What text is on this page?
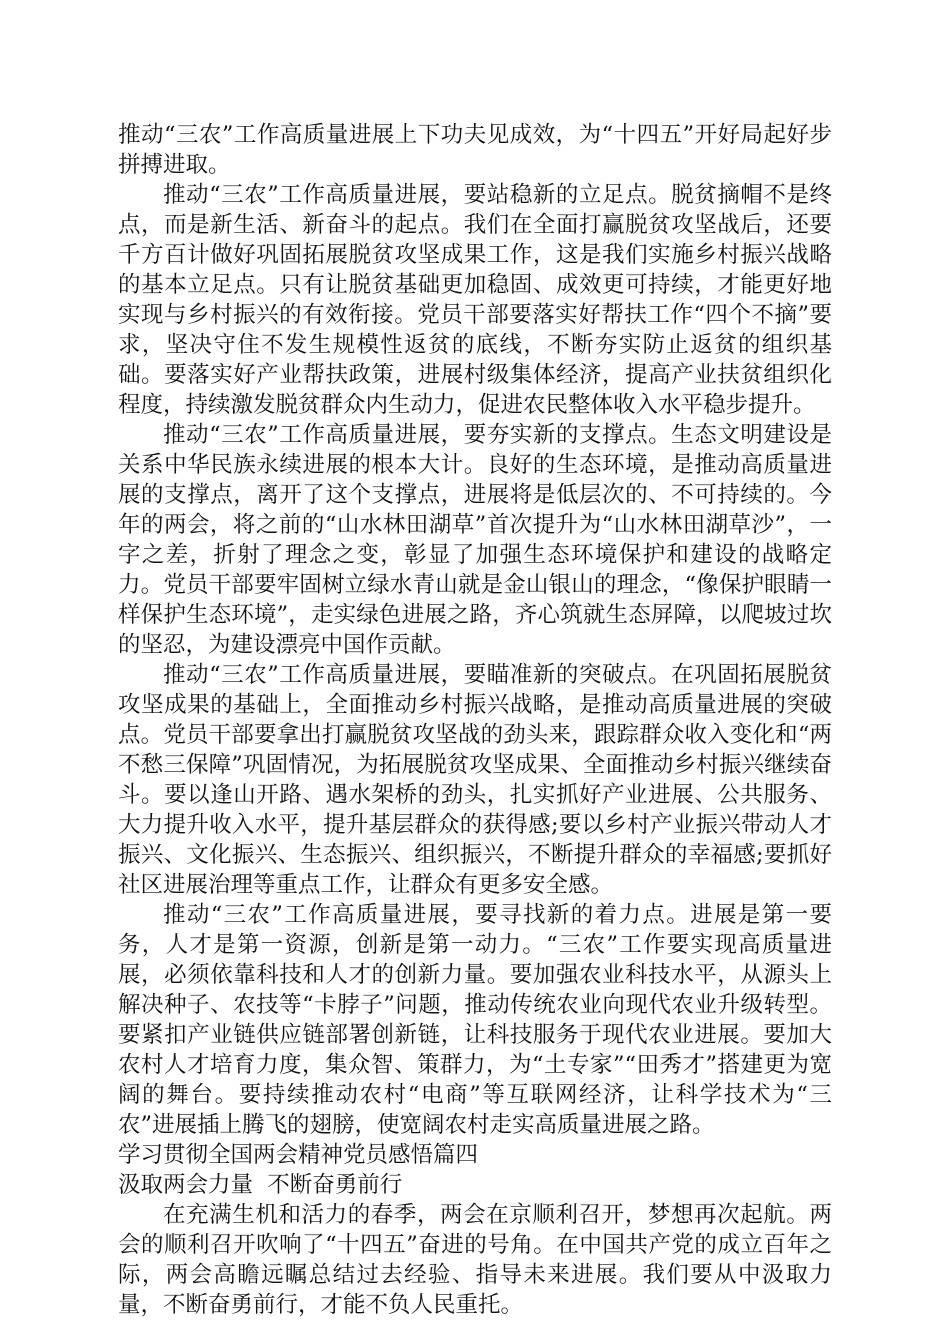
推动“三农”工作高质量进展上下功夫见成效，为“十四五”开好局起好步拼搏进取。

推动“三农”工作高质量进展，要站稳新的立足点。脱贫摘帽不是终点，而是新生活、新奋斗的起点。我们在全面打赢脱贫攻坚战后，还要千方百计做好巩固拓展脱贫攻坚成果工作，这是我们实施乡村振兴战略的基本立足点。只有让脱贫基础更加稳固、成效更可持续，才能更好地实现与乡村振兴的有效衔接。党员干部要落实好帮扶工作“四个不摘”要求，坚决守住不发生规模性返贫的底线，不断夯实防止返贫的组织基础。要落实好产业帮扶政策，进展村级集体经济，提高产业扶贫组织化程度，持续激发脱贫群众内生动力，促进农民整体收入水平稳步提升。

推动“三农”工作高质量进展，要夯实新的支撑点。生态文明建设是关系中华民族永续进展的根本大计。良好的生态环境，是推动高质量进展的支撑点，离开了这个支撑点，进展将是低层次的、不可持续的。今年的两会，将之前的“山水林田湖草”首次提升为“山水林田湖草沙”，一字之差，折射了理念之变，彰显了加强生态环境保护和建设的战略定力。党员干部要牢固树立绿水青山就是金山银山的理念，“像保护眼睛一样保护生态环境”，走实绿色进展之路，齐心筑就生态屏障，以爬坡过坎的坚忍，为建设漂亮中国作贡献。

推动“三农”工作高质量进展，要瞄准新的突破点。在巩固拓展脱贫攻坚成果的基础上，全面推动乡村振兴战略，是推动高质量进展的突破点。党员干部要拿出打赢脱贫攻坚战的劲头来，跟踪群众收入变化和“两不愁三保障”巩固情况，为拓展脱贫攻坚成果、全面推动乡村振兴继续奋斗。要以逢山开路、遇水架桥的劲头，扎实抓好产业进展、公共服务、大力提升收入水平，提升基层群众的获得感;要以乡村产业振兴带动人才振兴、文化振兴、生态振兴、组织振兴，不断提升群众的幸福感;要抓好社区进展治理等重点工作，让群众有更多安全感。

推动“三农”工作高质量进展，要寻找新的着力点。进展是第一要务，人才是第一资源，创新是第一动力。“三农”工作要实现高质量进展，必须依靠科技和人才的创新力量。要加强农业科技水平，从源头上解决种子、农技等“卡脖子”问题，推动传统农业向现代农业升级转型。要紧扣产业链供应链部署创新链，让科技服务于现代农业进展。要加大农村人才培育力度，集众智、策群力，为“土专家”“田秀才”搭建更为宽阔的舞台。要持续推动农村“电商”等互联网经济，让科学技术为“三农”进展插上腾飞的翅膀，使宽阔农村走实高质量进展之路。

学习贯彻全国两会精神党员感悟篇四

汲取两会力量  不断奋勇前行

在充满生机和活力的春季，两会在京顺利召开，梦想再次起航。两会的顺利召开吹响了“十四五”奋进的号角。在中国共产党的成立百年之际，两会高瞻远瞩总结过去经验、指导未来进展。我们要从中汲取力量，不断奋勇前行，才能不负人民重托。
